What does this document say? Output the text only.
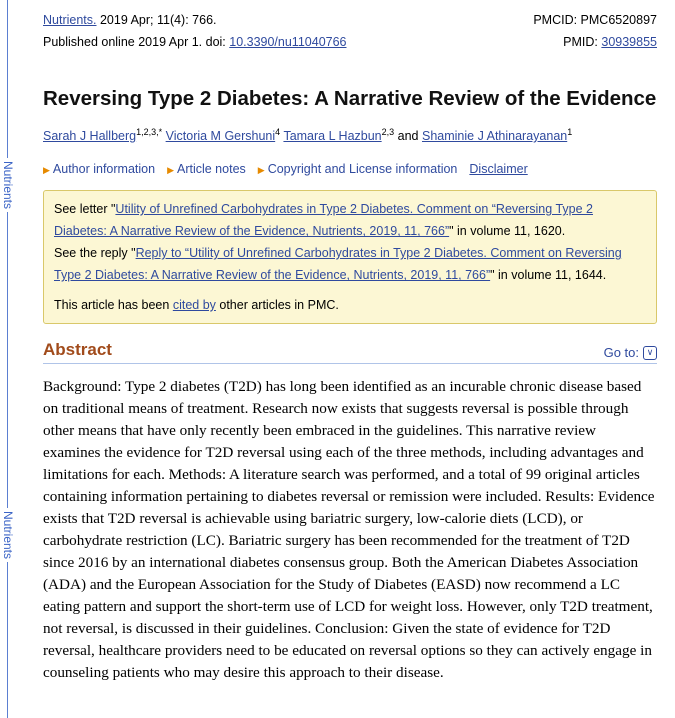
Nutrients
Nutrients
Nutrients. 2019 Apr; 11(4): 766.	PMCID: PMC6520897
Published online 2019 Apr 1. doi: 10.3390/nu11040766	PMID: 30939855
Reversing Type 2 Diabetes: A Narrative Review of the Evidence
Sarah J Hallberg$^{1,2,3,*}$ Victoria M Gershuni$^4$ Tamara L Hazbun$^{2,3}$ and Shaminie J Athinarayanan$^1$
▶ Author information ▶ Article notes ▶ Copyright and License information Disclaimer
See letter "Utility of Unrefined Carbohydrates in Type 2 Diabetes. Comment on “Reversing Type 2 Diabetes: A Narrative Review of the Evidence, Nutrients, 2019, 11, 766”" in volume 11, 1620.
See the reply "Reply to “Utility of Unrefined Carbohydrates in Type 2 Diabetes. Comment on Reversing Type 2 Diabetes: A Narrative Review of the Evidence, Nutrients, 2019, 11, 766”" in volume 11, 1644.
This article has been cited by other articles in PMC.
Abstract	Go to: ∨
Background: Type 2 diabetes (T2D) has long been identified as an incurable chronic disease based on traditional means of treatment. Research now exists that suggests reversal is possible through other means that have only recently been embraced in the guidelines. This narrative review examines the evidence for T2D reversal using each of the three methods, including advantages and limitations for each. Methods: A literature search was performed, and a total of 99 original articles containing information pertaining to diabetes reversal or remission were included. Results: Evidence exists that T2D reversal is achievable using bariatric surgery, low-calorie diets (LCD), or carbohydrate restriction (LC). Bariatric surgery has been recommended for the treatment of T2D since 2016 by an international diabetes consensus group. Both the American Diabetes Association (ADA) and the European Association for the Study of Diabetes (EASD) now recommend a LC eating pattern and support the short-term use of LCD for weight loss. However, only T2D treatment, not reversal, is discussed in their guidelines. Conclusion: Given the state of evidence for T2D reversal, healthcare providers need to be educated on reversal options so they can actively engage in counseling patients who may desire this approach to their disease.
